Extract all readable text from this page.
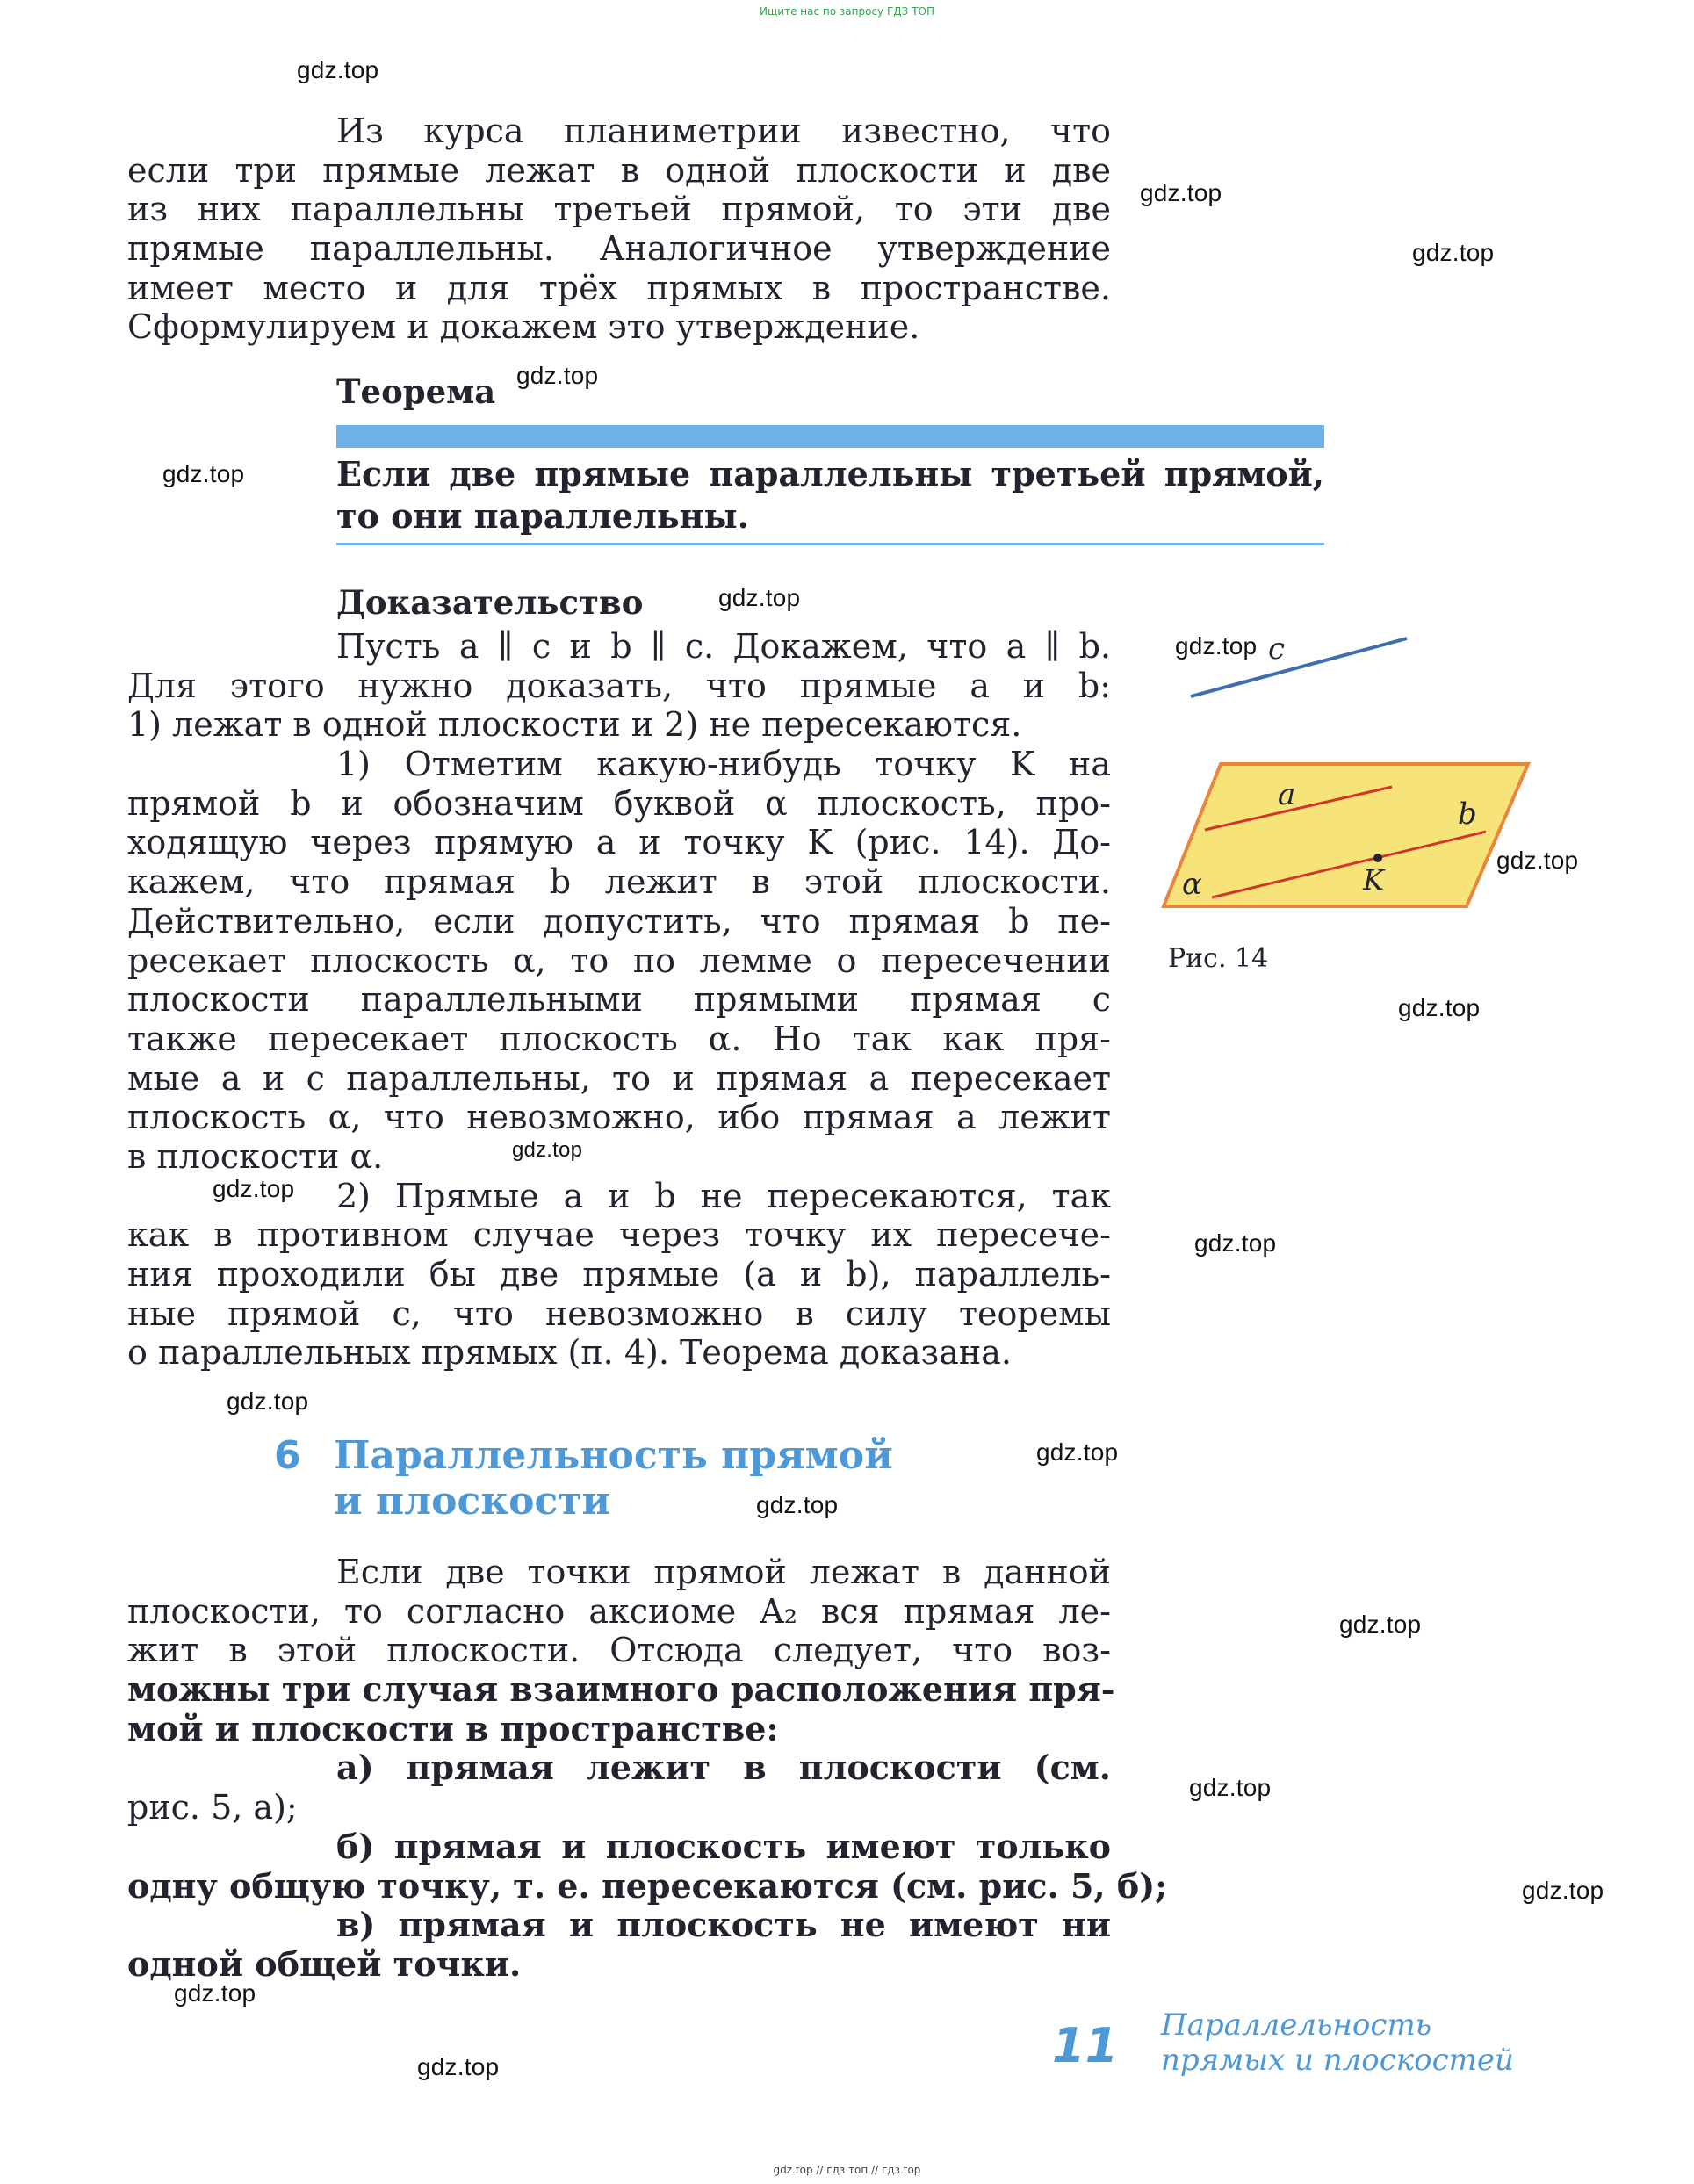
Ищите нас по запросу ГДЗ ТОП
Из курса планиметрии известно, что
если три прямые лежат в одной плоскости и две
из них параллельны третьей прямой, то эти две
прямые параллельны. Аналогичное утверждение
имеет место и для трёх прямых в пространстве.
Сформулируем и докажем это утверждение.
Теорема
Если две прямые параллельны третьей прямой,
то они параллельны.
Доказательство
Пусть a ∥ c и b ∥ c. Докажем, что a ∥ b.
Для этого нужно доказать, что прямые a и b:
1) лежат в одной плоскости и 2) не пересекаются.
1) Отметим какую-нибудь точку K на
прямой b и обозначим буквой α плоскость, про-
ходящую через прямую a и точку K (рис. 14). До-
кажем, что прямая b лежит в этой плоскости.
Действительно, если допустить, что прямая b пе-
ресекает плоскость α, то по лемме о пересечении
плоскости параллельными прямыми прямая c
также пересекает плоскость α. Но так как пря-
мые a и c параллельны, то и прямая a пересекает
плоскость α, что невозможно, ибо прямая a лежит
в плоскости α.
2) Прямые a и b не пересекаются, так
как в противном случае через точку их пересече-
ния проходили бы две прямые (a и b), параллель-
ные прямой c, что невозможно в силу теоремы
о параллельных прямых (п. 4). Теорема доказана.
c
a
b
α	K
Рис. 14
6 Параллельность прямой
и плоскости
Если две точки прямой лежат в данной
плоскости, то согласно аксиоме A₂ вся прямая ле-
жит в этой плоскости. Отсюда следует, что воз-
можны три случая взаимного расположения пря-
мой и плоскости в пространстве:
а) прямая лежит в плоскости (см.
рис. 5, а);
б) прямая и плоскость имеют только
одну общую точку, т. е. пересекаются (см. рис. 5, б);
в) прямая и плоскость не имеют ни
одной общей точки.
11 Параллельность
прямых и плоскостей
gdz.top
gdz.top
gdz.top
gdz.top
gdz.top
gdz.top
gdz.top
gdz.top
gdz.top
gdz.top
gdz.top
gdz.top
gdz.top
gdz.top
gdz.top
gdz.top
gdz.top
gdz.top
gdz.top
gdz.top
gdz.top // гдз топ // гдз.top
